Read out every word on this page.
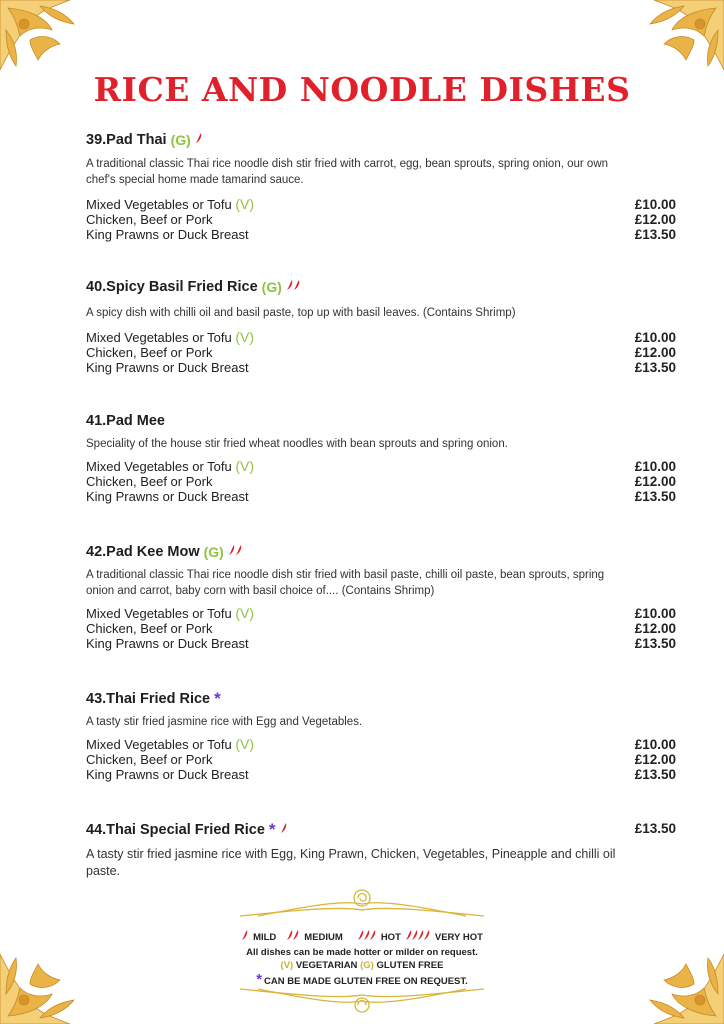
RICE AND NOODLE DISHES
39.Pad Thai (G)
A traditional classic Thai rice noodle dish stir fried with carrot, egg, bean sprouts, spring onion, our own chef's special home made tamarind sauce.
Mixed Vegetables or Tofu (V)	£10.00
Chicken, Beef or Pork	£12.00
King Prawns or Duck Breast	£13.50
40.Spicy Basil Fried Rice (G)
A spicy dish with chilli oil and basil paste, top up with basil leaves. (Contains Shrimp)
Mixed Vegetables or Tofu (V)	£10.00
Chicken, Beef or Pork	£12.00
King Prawns or Duck Breast	£13.50
41.Pad Mee
Speciality of the house stir fried wheat noodles with bean sprouts and spring onion.
Mixed Vegetables or Tofu (V)	£10.00
Chicken, Beef or Pork	£12.00
King Prawns or Duck Breast	£13.50
42.Pad Kee Mow (G)
A traditional classic Thai rice noodle dish stir fried with basil paste, chilli oil paste, bean sprouts, spring onion and carrot, baby corn with basil choice of.... (Contains Shrimp)
Mixed Vegetables or Tofu (V)	£10.00
Chicken, Beef or Pork	£12.00
King Prawns or Duck Breast	£13.50
43.Thai Fried Rice *
A tasty stir fried jasmine rice with Egg and Vegetables.
Mixed Vegetables or Tofu (V)	£10.00
Chicken, Beef or Pork	£12.00
King Prawns or Duck Breast	£13.50
44.Thai Special Fried Rice *	£13.50
A tasty stir fried jasmine rice with Egg, King Prawn, Chicken, Vegetables, Pineapple and chilli oil paste.
MILD	MEDIUM	HOT	VERY HOT
All dishes can be made hotter or milder on request.
(V) VEGETARIAN (G) GLUTEN FREE
* CAN BE MADE GLUTEN FREE ON REQUEST.
